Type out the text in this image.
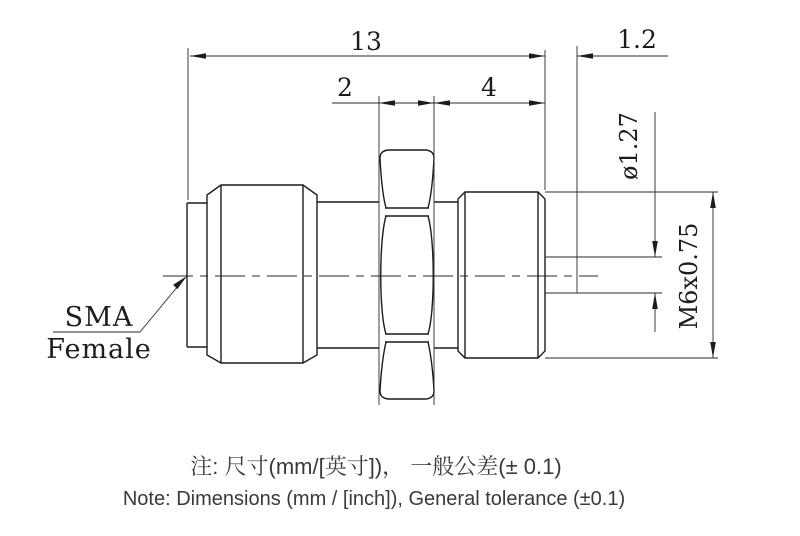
13	1.2
2	4
ø1.27
M6x0.75
SMA
Female
注: 尺寸(mm/[英寸])， 一般公差(± 0.1)
Note: Dimensions (mm / [inch]), General tolerance (±0.1)
